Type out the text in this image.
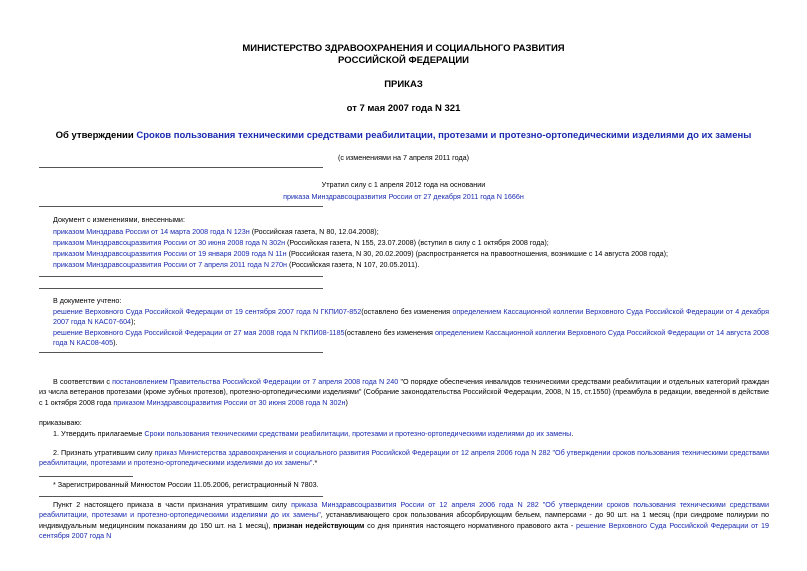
МИНИСТЕРСТВО ЗДРАВООХРАНЕНИЯ И СОЦИАЛЬНОГО РАЗВИТИЯ
РОССИЙСКОЙ ФЕДЕРАЦИИ
ПРИКАЗ
от 7 мая 2007 года N 321
Об утверждении Сроков пользования техническими средствами реабилитации, протезами и протезно-ортопедическими изделиями до их замены
(с изменениями на 7 апреля 2011 года)
Утратил силу с 1 апреля 2012 года на основании
приказа Минздравсоцразвития России от 27 декабря 2011 года N 1666н
Документ с изменениями, внесенными:
приказом Минздрава России от 14 марта 2008 года N 123н (Российская газета, N 80, 12.04.2008);
приказом Минздравсоцразвития России от 30 июня 2008 года N 302н (Российская газета, N 155, 23.07.2008) (вступил в силу с 1 октября 2008 года);
приказом Минздравсоцразвития России от 19 января 2009 года N 11н (Российская газета, N 30, 20.02.2009) (распространяется на правоотношения, возникшие с 14 августа 2008 года);
приказом Минздравсоцразвития России от 7 апреля 2011 года N 270н (Российская газета, N 107, 20.05.2011).
В документе учтено:
решение Верховного Суда Российской Федерации от 19 сентября 2007 года N ГКПИ07-852(оставлено без изменения определением Кассационной коллегии Верховного Суда Российской Федерации от 4 декабря 2007 года N КАС07-604);
решение Верховного Суда Российской Федерации от 27 мая 2008 года N ГКПИ08-1185(оставлено без изменения определением Кассационной коллегии Верховного Суда Российской Федерации от 14 августа 2008 года N КАС08-405).
В соответствии с постановлением Правительства Российской Федерации от 7 апреля 2008 года N 240 "О порядке обеспечения инвалидов техническими средствами реабилитации и отдельных категорий граждан из числа ветеранов протезами (кроме зубных протезов), протезно-ортопедическими изделиями" (Собрание законодательства Российской Федерации, 2008, N 15, ст.1550) (преамбула в редакции, введенной в действие с 1 октября 2008 года приказом Минздравсоцразвития России от 30 июня 2008 года N 302н)
приказываю:
1. Утвердить прилагаемые Сроки пользования техническими средствами реабилитации, протезами и протезно-ортопедическими изделиями до их замены.
2. Признать утратившим силу приказ Министерства здравоохранения и социального развития Российской Федерации от 12 апреля 2006 года N 282 "Об утверждении сроков пользования техническими средствами реабилитации, протезами и протезно-ортопедическими изделиями до их замены".*
* Зарегистрированный Минюстом России 11.05.2006, регистрационный N 7803.
Пункт 2 настоящего приказа в части признания утратившим силу приказа Минздравсоцразвития России от 12 апреля 2006 года N 282 "Об утверждении сроков пользования техническими средствами реабилитации, протезами и протезно-ортопедическими изделиями до их замены", устанавливающего срок пользования абсорбирующим бельем, памперсами - до 90 шт. на 1 месяц (при синдроме полиурии по индивидуальным медицинским показаниям до 150 шт. на 1 месяц), признан недействующим со дня принятия настоящего нормативного правового акта - решение Верховного Суда Российской Федерации от 19 сентября 2007 года N
